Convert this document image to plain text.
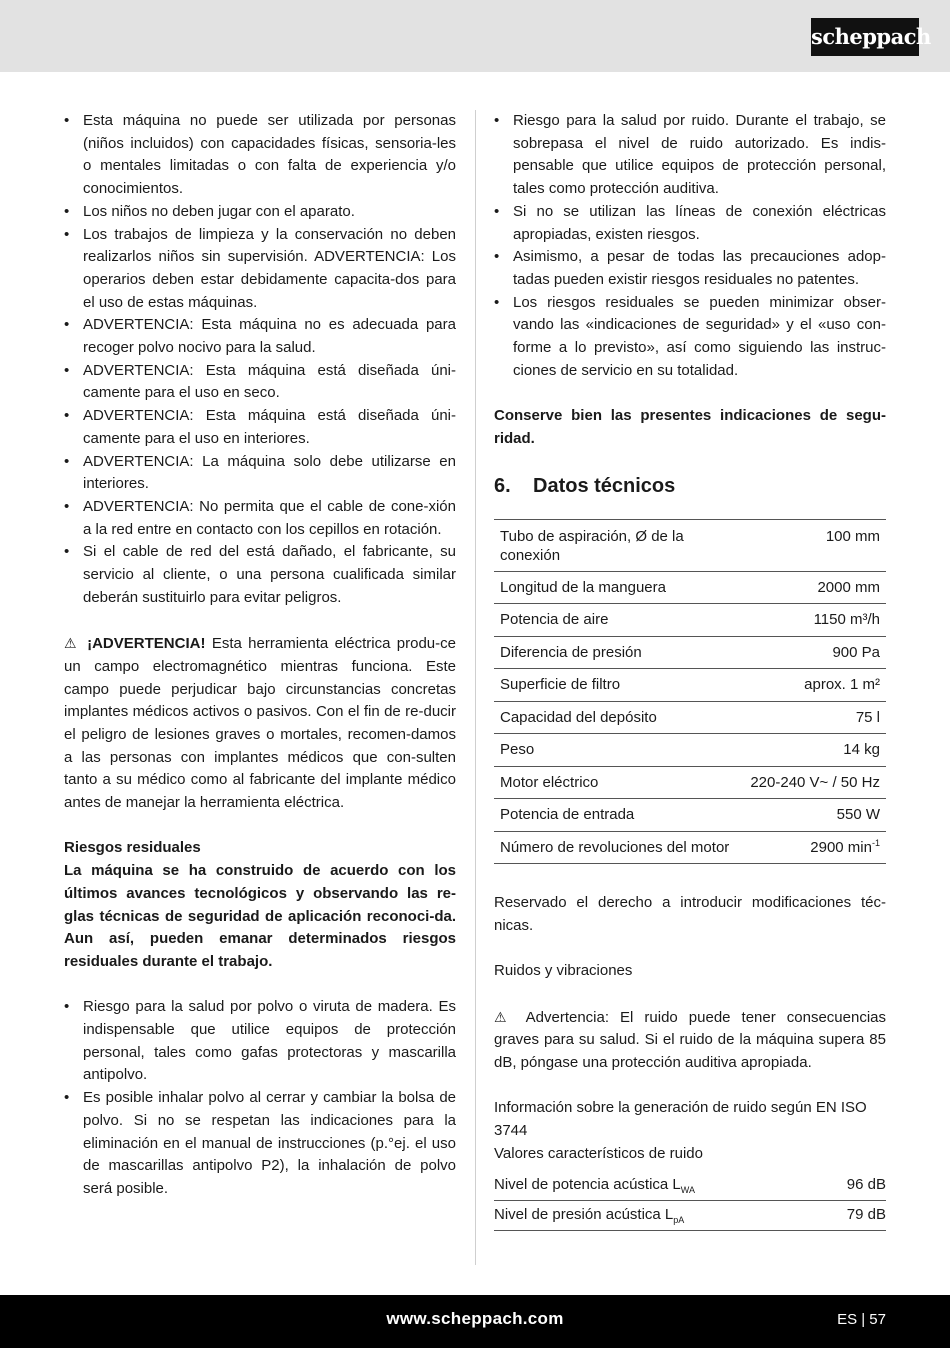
scheppach
• Esta máquina no puede ser utilizada por personas (niños incluidos) con capacidades físicas, sensoria-les o mentales limitadas o con falta de experiencia y/o conocimientos.
• Los niños no deben jugar con el aparato.
• Los trabajos de limpieza y la conservación no deben realizarlos niños sin supervisión. ADVERTENCIA: Los operarios deben estar debidamente capacita-dos para el uso de estas máquinas.
• ADVERTENCIA: Esta máquina no es adecuada para recoger polvo nocivo para la salud.
• ADVERTENCIA: Esta máquina está diseñada úni-camente para el uso en seco.
• ADVERTENCIA: Esta máquina está diseñada úni-camente para el uso en interiores.
• ADVERTENCIA: La máquina solo debe utilizarse en interiores.
• ADVERTENCIA: No permita que el cable de cone-xión a la red entre en contacto con los cepillos en rotación.
• Si el cable de red del está dañado, el fabricante, su servicio al cliente, o una persona cualificada similar deberán sustituirlo para evitar peligros.

⚠ ¡ADVERTENCIA! Esta herramienta eléctrica produ-ce un campo electromagnético mientras funciona. Este campo puede perjudicar bajo circunstancias concretas implantes médicos activos o pasivos. Con el fin de re-ducir el peligro de lesiones graves o mortales, recomen-damos a las personas con implantes médicos que con-sulten tanto a su médico como al fabricante del implante médico antes de manejar la herramienta eléctrica.

Riesgos residuales

La máquina se ha construido de acuerdo con los últimos avances tecnológicos y observando las re-glas técnicas de seguridad de aplicación reconoci-da. Aun así, pueden emanar determinados riesgos residuales durante el trabajo.

• Riesgo para la salud por polvo o viruta de madera. Es indispensable que utilice equipos de protección personal, tales como gafas protectoras y mascarilla antipolvo.
• Es posible inhalar polvo al cerrar y cambiar la bolsa de polvo. Si no se respetan las indicaciones para la eliminación en el manual de instrucciones (p.°ej. el uso de mascarillas antipolvo P2), la inhalación de polvo será posible.
• Riesgo para la salud por ruido. Durante el trabajo, se sobrepasa el nivel de ruido autorizado. Es indis-pensable que utilice equipos de protección personal, tales como protección auditiva.
• Si no se utilizan las líneas de conexión eléctricas apropiadas, existen riesgos.
• Asimismo, a pesar de todas las precauciones adop-tadas pueden existir riesgos residuales no patentes.
• Los riesgos residuales se pueden minimizar obser-vando las «indicaciones de seguridad» y el «uso con-forme a lo previsto», así como siguiendo las instruc-ciones de servicio en su totalidad.

Conserve bien las presentes indicaciones de segu-ridad.

6. Datos técnicos
Tubo de aspiración, Ø de la conexión	100 mm
Longitud de la manguera	2000 mm
Potencia de aire	1150 m³/h
Diferencia de presión	900 Pa
Superficie de filtro	aprox. 1 m²
Capacidad del depósito	75 l
Peso	14 kg
Motor eléctrico	220-240 V~ / 50 Hz
Potencia de entrada	550 W
Número de revoluciones del motor	2900 $\min^{-1}$

Reservado el derecho a introducir modificaciones téc-nicas.

Ruidos y vibraciones

⚠ Advertencia: El ruido puede tener consecuencias graves para su salud. Si el ruido de la máquina supera 85 dB, póngase una protección auditiva apropiada.

Información sobre la generación de ruido según EN ISO 3744

Valores característicos de ruido

Nivel de potencia acústica $L_{WA}$	96 dB
Nivel de presión acústica $L_{pA}$	79 dB
www.scheppach.com	ES | 57
